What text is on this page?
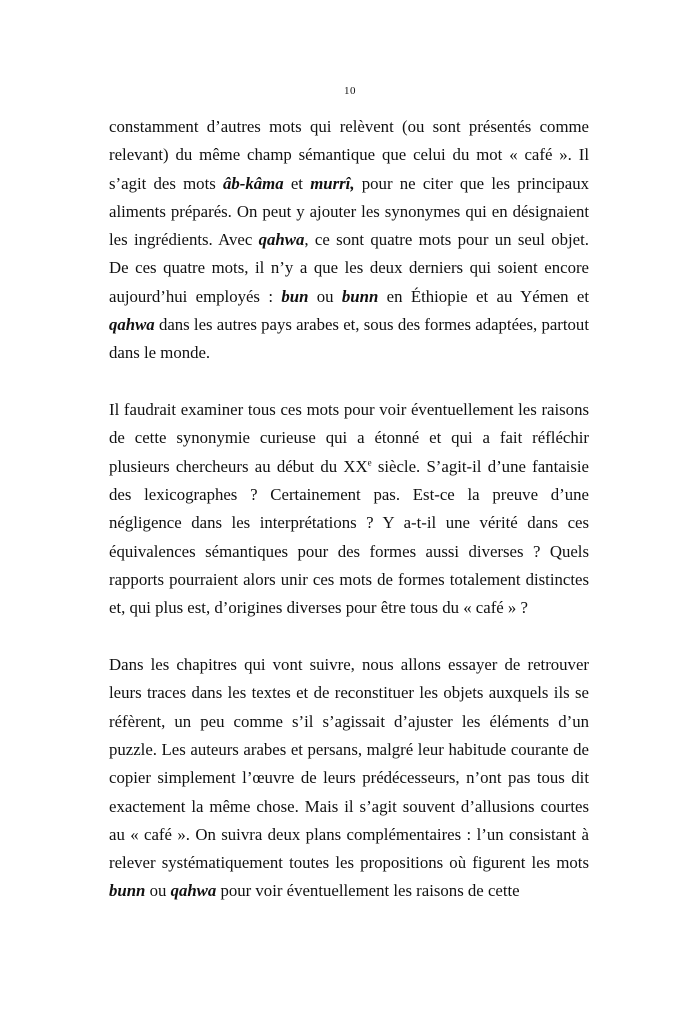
10

constamment d’autres mots qui relèvent (ou sont présentés comme relevant) du même champ sémantique que celui du mot « café ». Il s’agit des mots âb-kâma et murrî, pour ne citer que les principaux aliments préparés. On peut y ajouter les synonymes qui en désignaient les ingrédients. Avec qahwa, ce sont quatre mots pour un seul objet. De ces quatre mots, il n’y a que les deux derniers qui soient encore aujourd’hui employés : bun ou bunn en Éthiopie et au Yémen et qahwa dans les autres pays arabes et, sous des formes adaptées, partout dans le monde.

Il faudrait examiner tous ces mots pour voir éventuellement les raisons de cette synonymie curieuse qui a étonné et qui a fait réfléchir plusieurs chercheurs au début du XXe siècle. S’agit-il d’une fantaisie des lexicographes ? Certainement pas. Est-ce la preuve d’une négligence dans les interprétations ? Y a-t-il une vérité dans ces équivalences sémantiques pour des formes aussi diverses ? Quels rapports pourraient alors unir ces mots de formes totalement distinctes et, qui plus est, d’origines diverses pour être tous du « café » ?

Dans les chapitres qui vont suivre, nous allons essayer de retrouver leurs traces dans les textes et de reconstituer les objets auxquels ils se réfèrent, un peu comme s’il s’agissait d’ajuster les éléments d’un puzzle. Les auteurs arabes et persans, malgré leur habitude courante de copier simplement l’œuvre de leurs prédécesseurs, n’ont pas tous dit exactement la même chose. Mais il s’agit souvent d’allusions courtes au « café ». On suivra deux plans complémentaires : l’un consistant à relever systématiquement toutes les propositions où figurent les mots bunn ou qahwa pour voir éventuellement les raisons de cette
